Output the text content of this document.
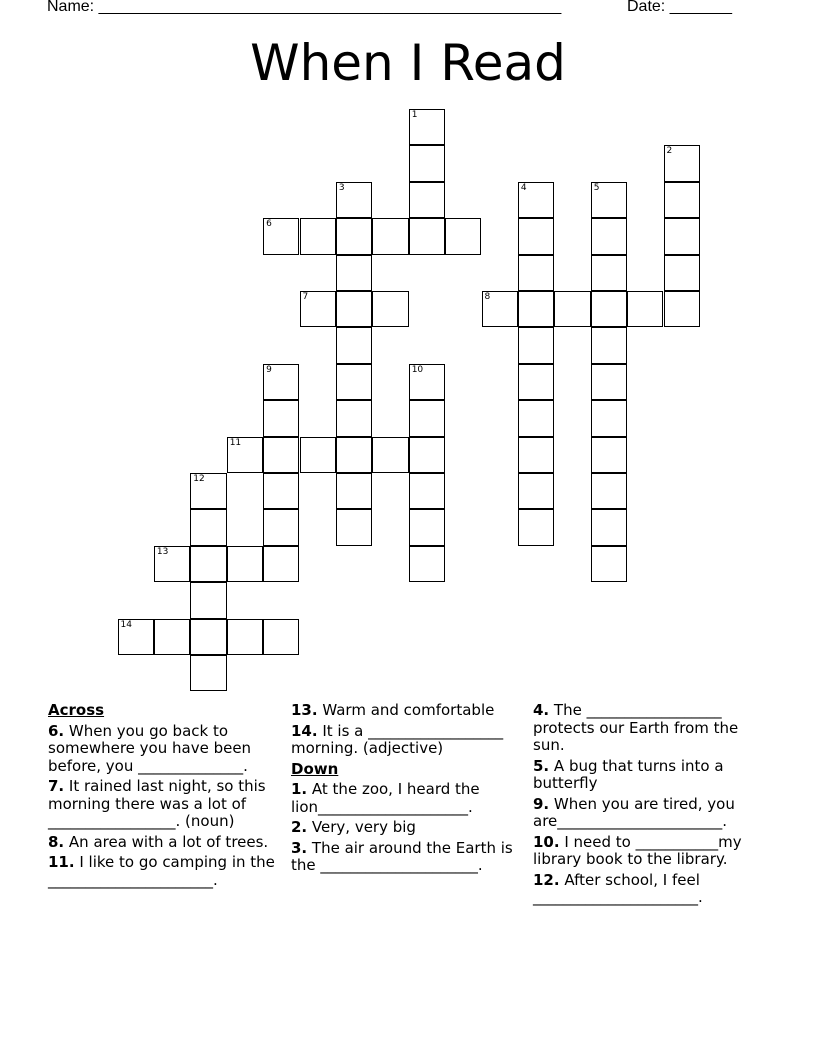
Name: ____________________________________________________	Date: _______
When I Read
1
2
3	4	5
6
7	8
9	10
11
12
13
14
Across
6. When you go back to somewhere you have been before, you ______________.
7. It rained last night, so this morning there was a lot of _________________. (noun)
8. An area with a lot of trees.
11. I like to go camping in the ______________________.
13. Warm and comfortable
14. It is a __________________ morning. (adjective)
Down
1. At the zoo, I heard the lion____________________.
2. Very, very big
3. The air around the Earth is the _____________________.
4. The __________________ protects our Earth from the sun.
5. A bug that turns into a butterfly
9. When you are tired, you are______________________.
10. I need to ___________my library book to the library.
12. After school, I feel ______________________.
